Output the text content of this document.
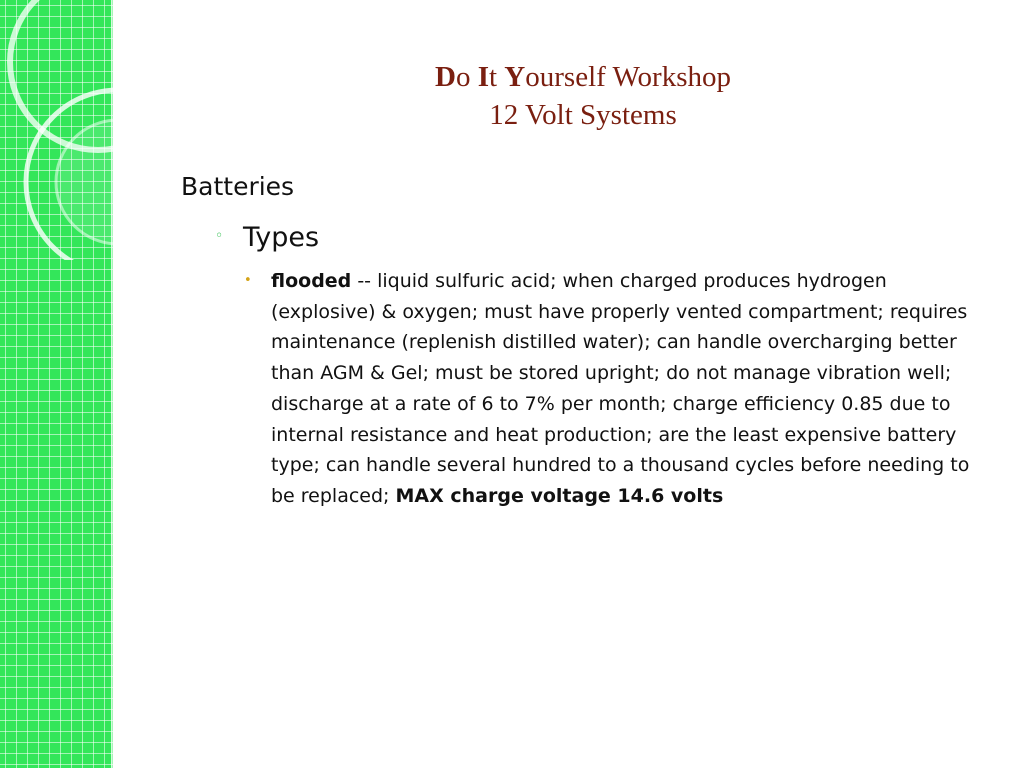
Do It Yourself Workshop
12 Volt Systems
Batteries
◦ Types
• flooded -- liquid sulfuric acid; when charged produces hydrogen (explosive) & oxygen; must have properly vented compartment; requires maintenance (replenish distilled water); can handle overcharging better than AGM & Gel; must be stored upright; do not manage vibration well; discharge at a rate of 6 to 7% per month; charge efficiency 0.85 due to internal resistance and heat production; are the least expensive battery type; can handle several hundred to a thousand cycles before needing to be replaced; MAX charge voltage 14.6 volts
